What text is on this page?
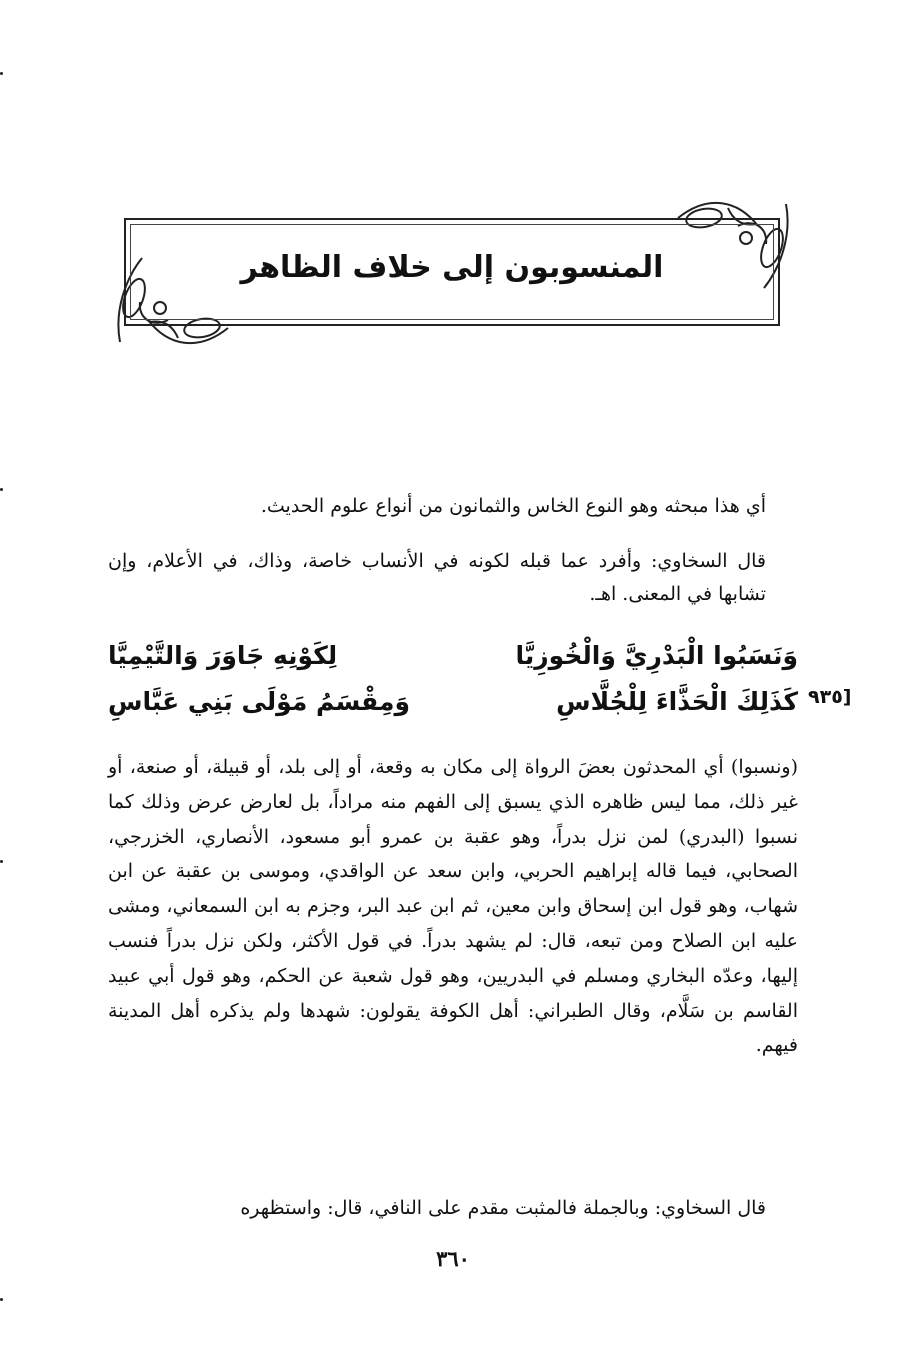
المنسوبون إلى خلاف الظاهر
أي هذا مبحثه وهو النوع الخاس والثمانون من أنواع علوم الحديث.
قال السخاوي: وأفرد عما قبله لكونه في الأنساب خاصة، وذاك، في الأعلام، وإن تشابها في المعنى. اهـ.
وَنَسَبُوا الْبَدْرِيَّ وَالْخُوزِيَّا
لِكَوْنِهِ جَاوَرَ وَالتَّيْمِيَّا
كَذَلِكَ الْحَذَّاءَ لِلْجُلَّاسِ
وَمِقْسَمُ مَوْلَى بَنِي عَبَّاسِ	[٩٣٥
(ونسبوا) أي المحدثون بعضَ الرواة إلى مكان به وقعة، أو إلى بلد، أو قبيلة، أو صنعة، أو غير ذلك، مما ليس ظاهره الذي يسبق إلى الفهم منه مراداً، بل لعارض عرض وذلك كما نسبوا (البدري) لمن نزل بدراً، وهو عقبة بن عمرو أبو مسعود، الأنصاري، الخزرجي، الصحابي، فيما قاله إبراهيم الحربي، وابن سعد عن الواقدي، وموسى بن عقبة عن ابن شهاب، وهو قول ابن إسحاق وابن معين، ثم ابن عبد البر، وجزم به ابن السمعاني، ومشى عليه ابن الصلاح ومن تبعه، قال: لم يشهد بدراً. في قول الأكثر، ولكن نزل بدراً فنسب إليها، وعدّه البخاري ومسلم في البدريين، وهو قول شعبة عن الحكم، وهو قول أبي عبيد القاسم بن سَلَّام، وقال الطبراني: أهل الكوفة يقولون: شهدها ولم يذكره أهل المدينة فيهم.
قال السخاوي: وبالجملة فالمثبت مقدم على النافي، قال: واستظهره
٣٦٠
